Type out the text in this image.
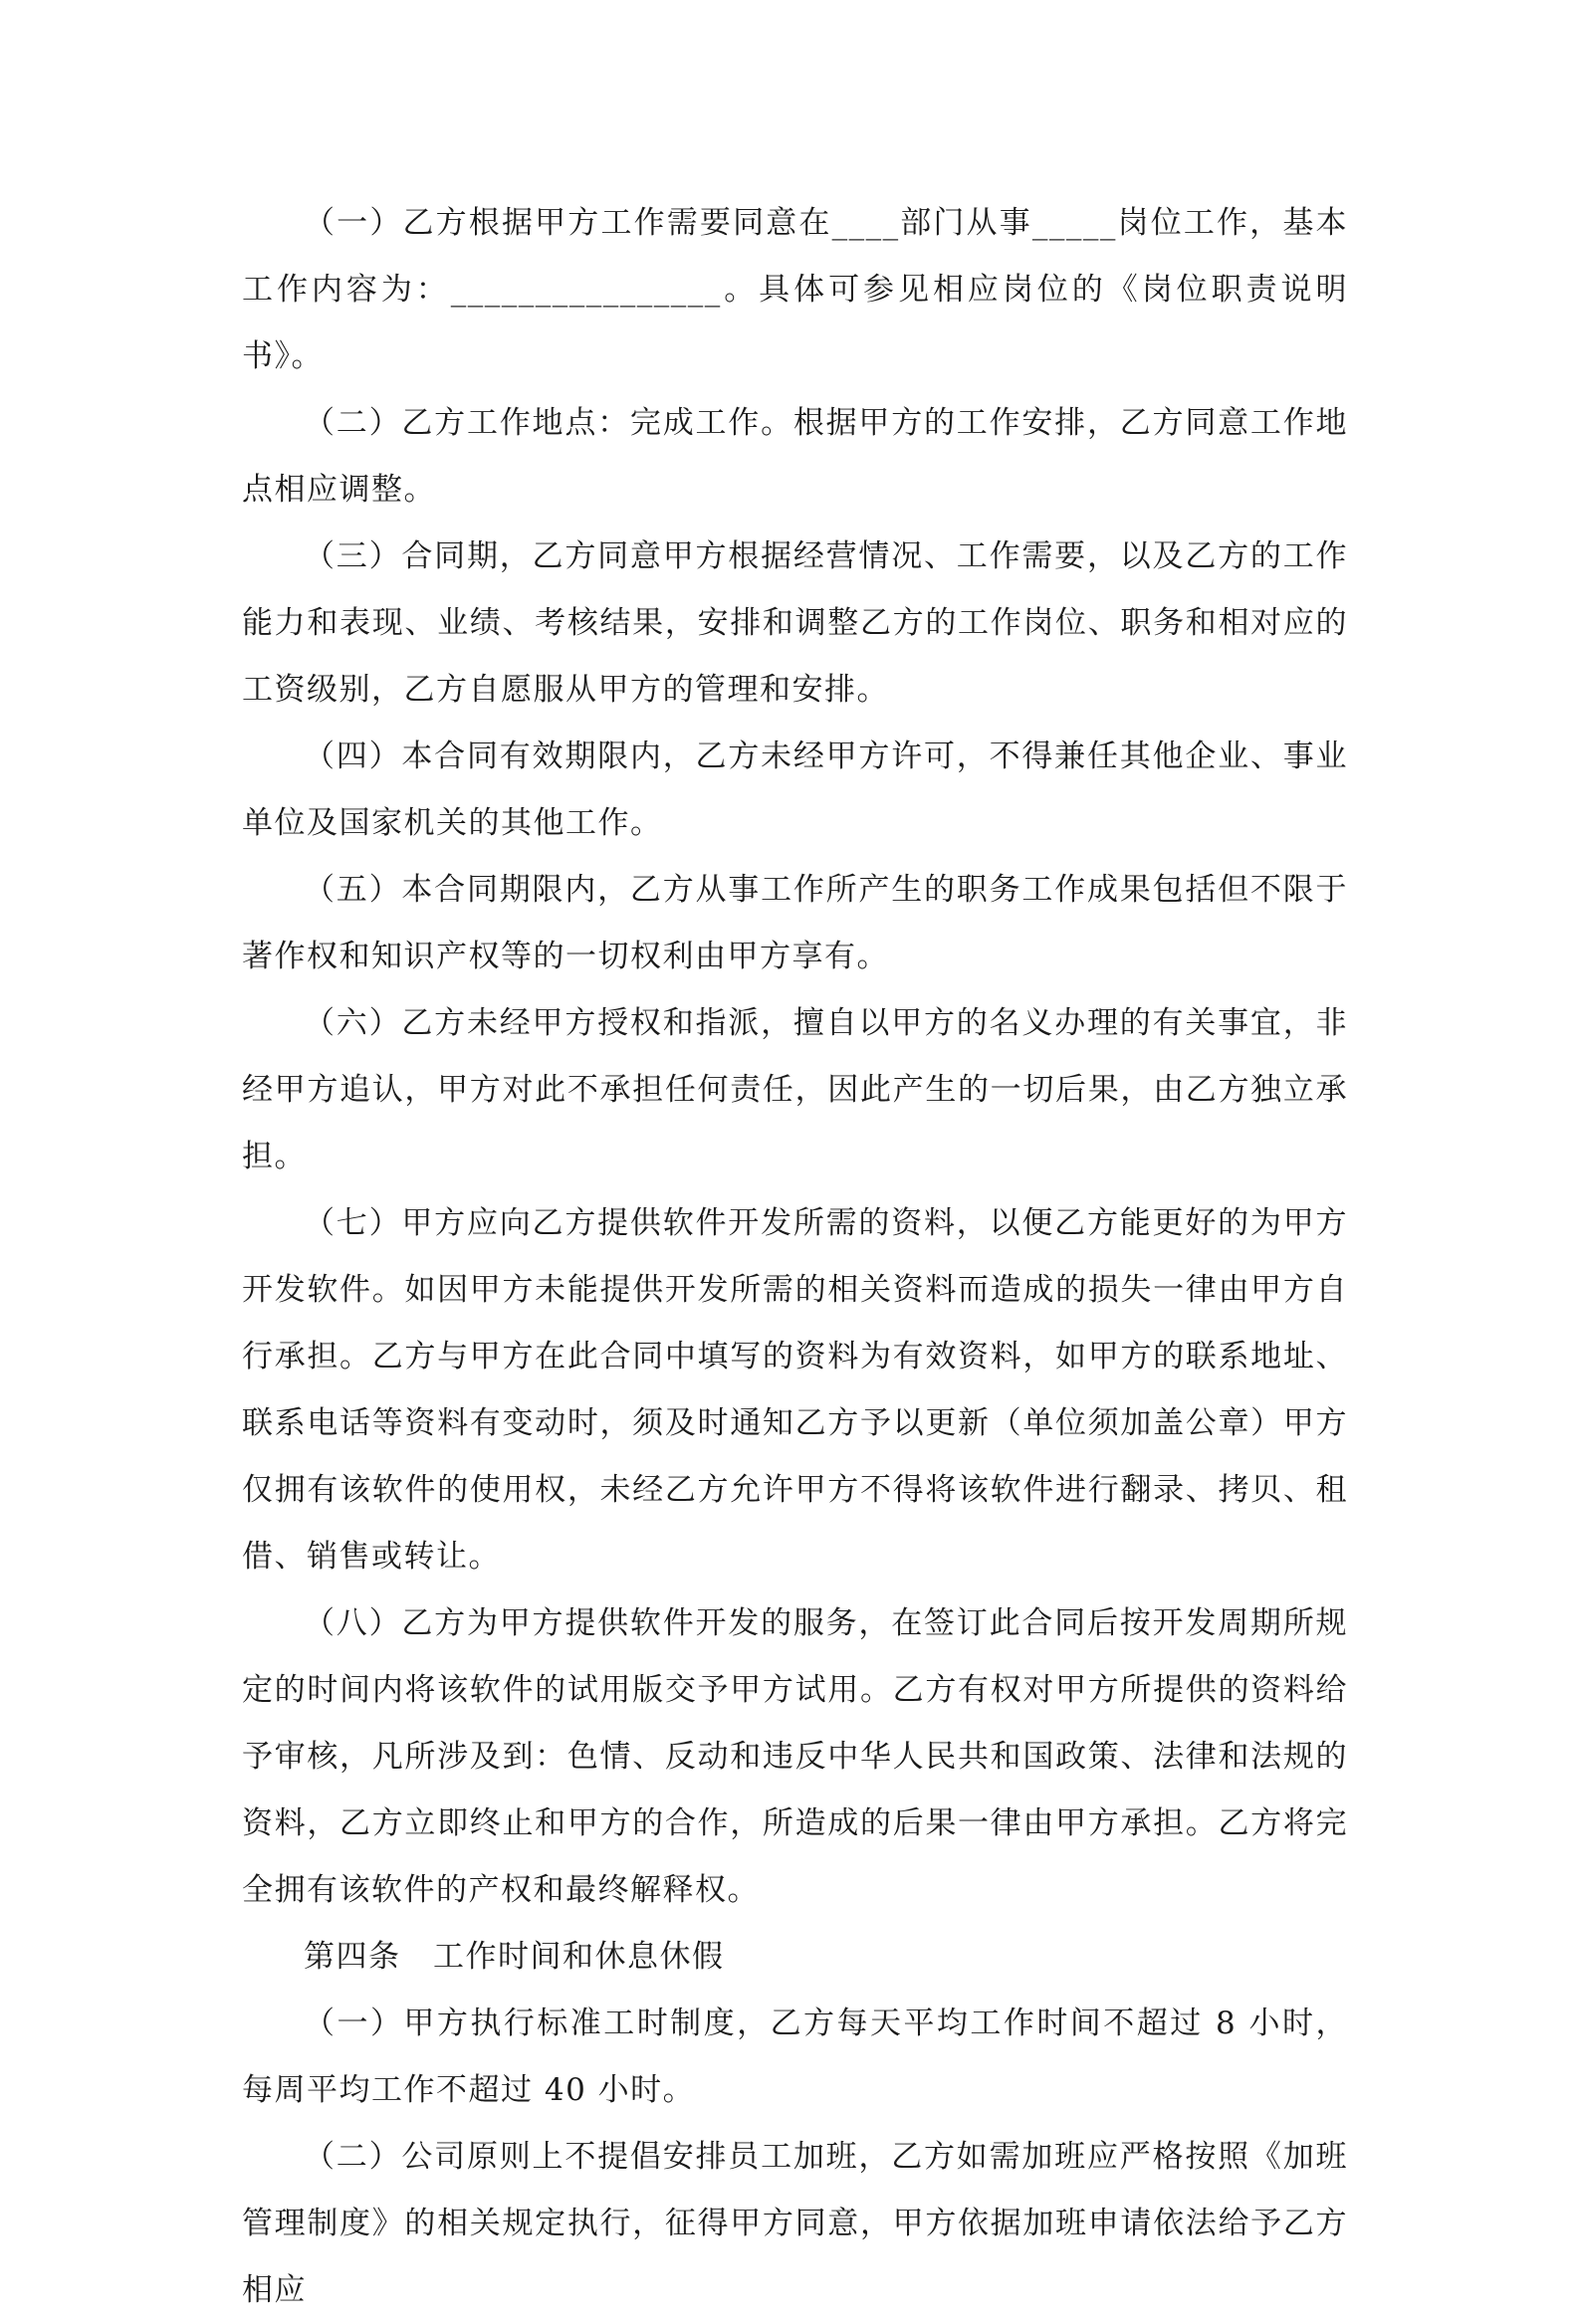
（一）乙方根据甲方工作需要同意在____部门从事_____岗位工作，基本工作内容为：________________。具体可参见相应岗位的《岗位职责说明书》。

（二）乙方工作地点：完成工作。根据甲方的工作安排，乙方同意工作地点相应调整。

（三）合同期，乙方同意甲方根据经营情况、工作需要，以及乙方的工作能力和表现、业绩、考核结果，安排和调整乙方的工作岗位、职务和相对应的工资级别，乙方自愿服从甲方的管理和安排。

（四）本合同有效期限内，乙方未经甲方许可，不得兼任其他企业、事业单位及国家机关的其他工作。

（五）本合同期限内，乙方从事工作所产生的职务工作成果包括但不限于著作权和知识产权等的一切权利由甲方享有。

（六）乙方未经甲方授权和指派，擅自以甲方的名义办理的有关事宜，非经甲方追认，甲方对此不承担任何责任，因此产生的一切后果，由乙方独立承担。

（七）甲方应向乙方提供软件开发所需的资料，以便乙方能更好的为甲方开发软件。如因甲方未能提供开发所需的相关资料而造成的损失一律由甲方自行承担。乙方与甲方在此合同中填写的资料为有效资料，如甲方的联系地址、联系电话等资料有变动时，须及时通知乙方予以更新（单位须加盖公章）甲方仅拥有该软件的使用权，未经乙方允许甲方不得将该软件进行翻录、拷贝、租借、销售或转让。

（八）乙方为甲方提供软件开发的服务，在签订此合同后按开发周期所规定的时间内将该软件的试用版交予甲方试用。乙方有权对甲方所提供的资料给予审核，凡所涉及到：色情、反动和违反中华人民共和国政策、法律和法规的资料，乙方立即终止和甲方的合作，所造成的后果一律由甲方承担。乙方将完全拥有该软件的产权和最终解释权。

第四条　工作时间和休息休假

（一）甲方执行标准工时制度，乙方每天平均工作时间不超过 8 小时，每周平均工作不超过 40 小时。

（二）公司原则上不提倡安排员工加班，乙方如需加班应严格按照《加班管理制度》的相关规定执行，征得甲方同意，甲方依据加班申请依法给予乙方相应
